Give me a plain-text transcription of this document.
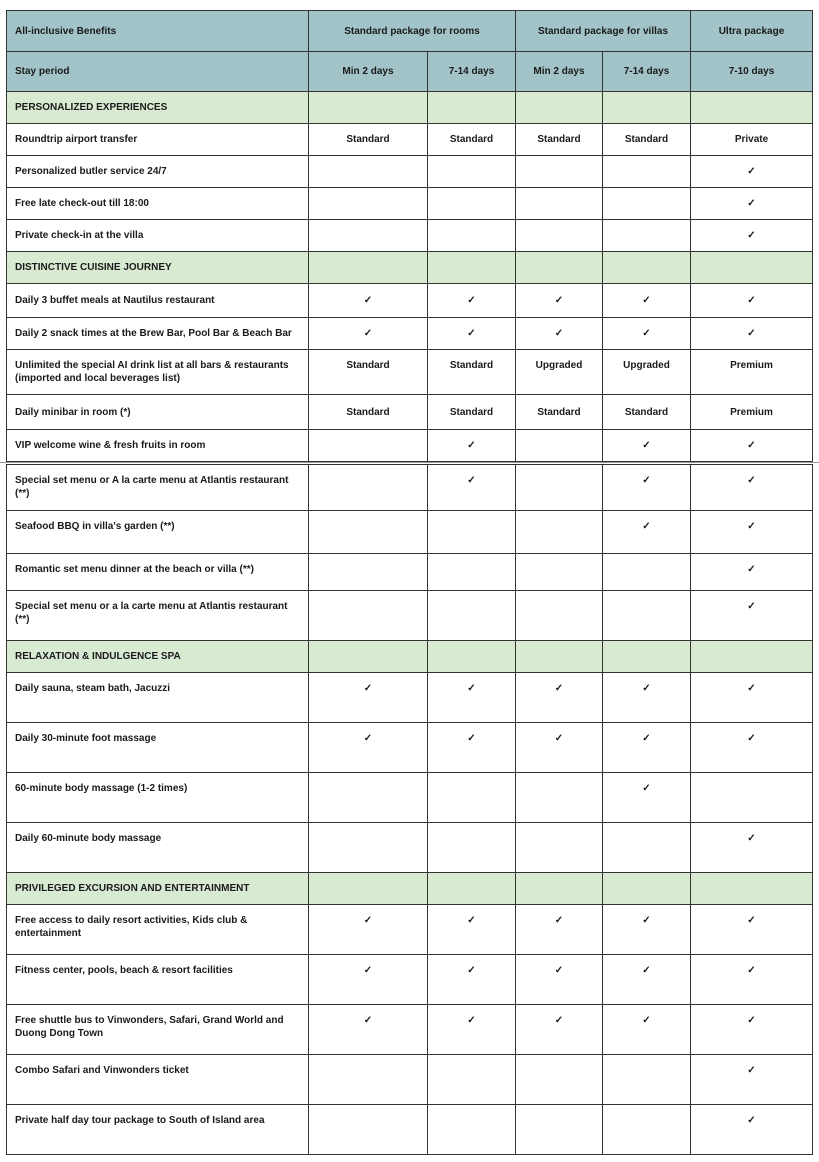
All-inclusive Benefits	Standard package for rooms		Standard package for villas		Ultra package
Stay period	Min 2 days	7-14 days	Min 2 days	7-14 days	7-10 days
PERSONALIZED EXPERIENCES					
Roundtrip airport transfer	Standard	Standard	Standard	Standard	Private
Personalized butler service 24/7					✓
Free late check-out till 18:00					✓
Private check-in at the villa					✓
DISTINCTIVE CUISINE JOURNEY					
Daily 3 buffet meals at Nautilus restaurant	✓	✓	✓	✓	✓
Daily 2 snack times at the Brew Bar, Pool Bar & Beach Bar	✓	✓	✓	✓	✓
Unlimited the special AI drink list at all bars & restaurants (imported and local beverages list)	Standard	Standard	Upgraded	Upgraded	Premium
Daily minibar in room (*)	Standard	Standard	Standard	Standard	Premium
VIP welcome wine & fresh fruits in room		✓		✓	✓
Special set menu or A la carte menu at Atlantis restaurant (**)		✓		✓	✓
Seafood BBQ in villa's garden (**)				✓	✓
Romantic set menu dinner at the beach or villa (**)					✓
Special set menu or a la carte menu at Atlantis restaurant (**)					✓
RELAXATION & INDULGENCE SPA					
Daily sauna, steam bath, Jacuzzi	✓	✓	✓	✓	✓
Daily 30-minute foot massage	✓	✓	✓	✓	✓
60-minute body massage (1-2 times)				✓	
Daily 60-minute body massage					✓
PRIVILEGED EXCURSION AND ENTERTAINMENT					
Free access to daily resort activities, Kids club & entertainment	✓	✓	✓	✓	✓
Fitness center, pools, beach & resort facilities	✓	✓	✓	✓	✓
Free shuttle bus to Vinwonders, Safari, Grand World and Duong Dong Town	✓	✓	✓	✓	✓
Combo Safari and Vinwonders ticket					✓
Private half day tour package to South of Island area					✓
